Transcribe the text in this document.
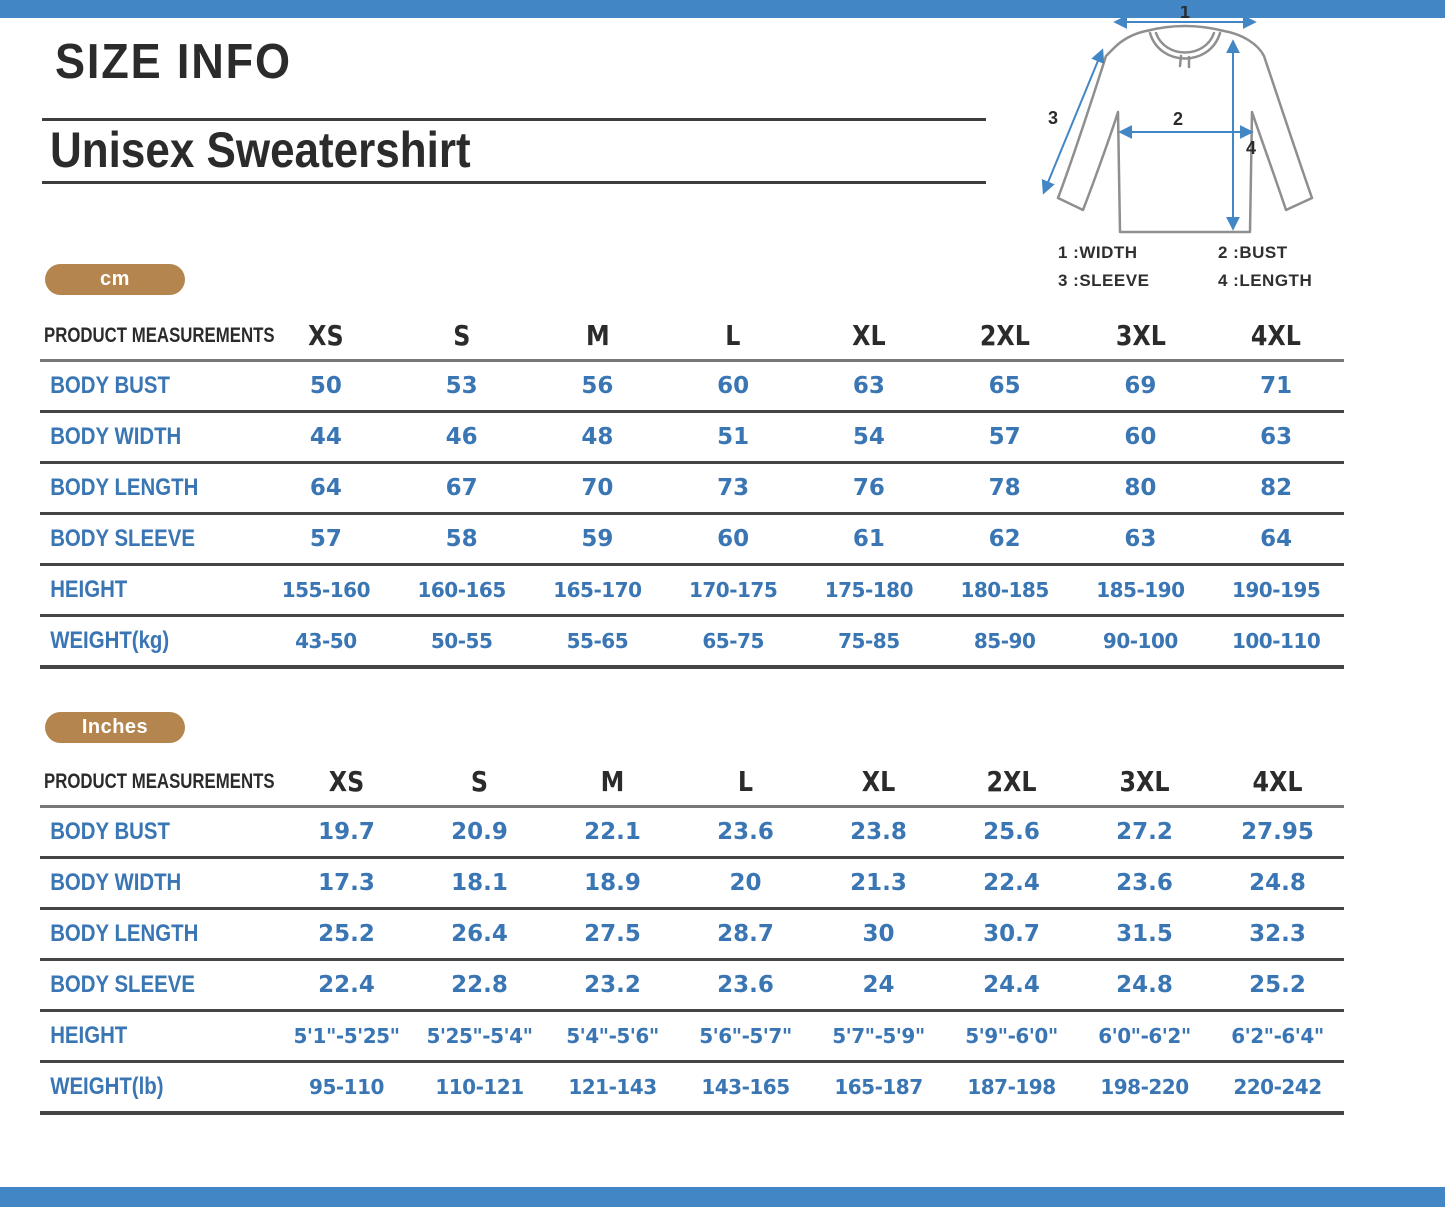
SIZE INFO
Unisex Sweatershirt
1
2
3
4
1 :WIDTH	2 :BUST
3 :SLEEVE	4 :LENGTH
cm
PRODUCT MEASUREMENTS	XS	S	M	L	XL	2XL	3XL	4XL
BODY BUST	50	53	56	60	63	65	69	71
BODY WIDTH	44	46	48	51	54	57	60	63
BODY LENGTH	64	67	70	73	76	78	80	82
BODY SLEEVE	57	58	59	60	61	62	63	64
HEIGHT	155-160	160-165	165-170	170-175	175-180	180-185	185-190	190-195
WEIGHT(kg)	43-50	50-55	55-65	65-75	75-85	85-90	90-100	100-110
Inches
PRODUCT MEASUREMENTS	XS	S	M	L	XL	2XL	3XL	4XL
BODY BUST	19.7	20.9	22.1	23.6	23.8	25.6	27.2	27.95
BODY WIDTH	17.3	18.1	18.9	20	21.3	22.4	23.6	24.8
BODY LENGTH	25.2	26.4	27.5	28.7	30	30.7	31.5	32.3
BODY SLEEVE	22.4	22.8	23.2	23.6	24	24.4	24.8	25.2
HEIGHT	5'1"-5'25"	5'25"-5'4"	5'4"-5'6"	5'6"-5'7"	5'7"-5'9"	5'9"-6'0"	6'0"-6'2"	6'2"-6'4"
WEIGHT(lb)	95-110	110-121	121-143	143-165	165-187	187-198	198-220	220-242
